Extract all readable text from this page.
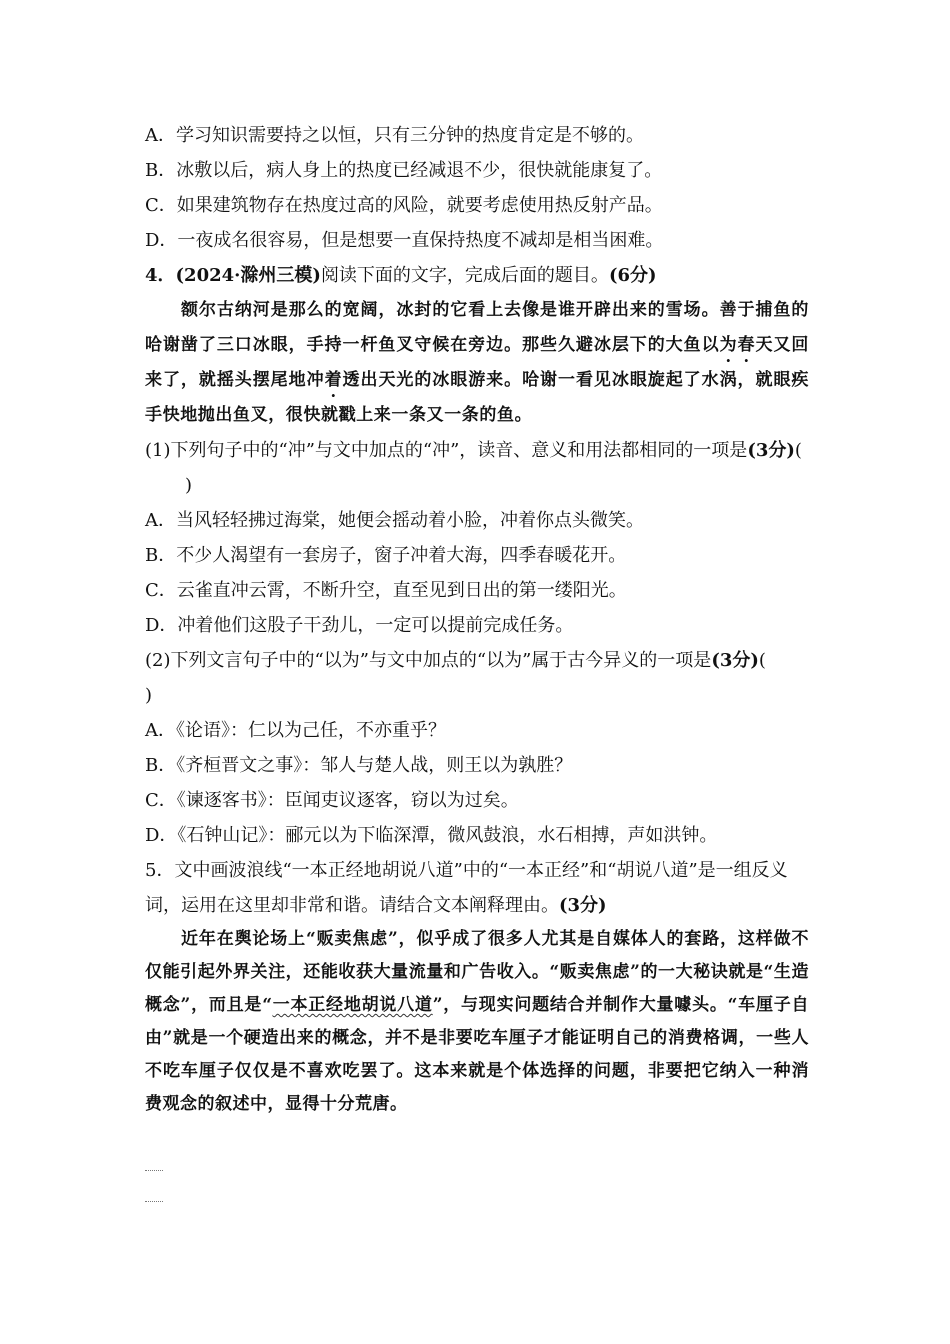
A．学习知识需要持之以恒，只有三分钟的热度肯定是不够的。

B．冰敷以后，病人身上的热度已经减退不少，很快就能康复了。

C．如果建筑物存在热度过高的风险，就要考虑使用热反射产品。

D．一夜成名很容易，但是想要一直保持热度不减却是相当困难。

4．(2024·滁州三模)阅读下面的文字，完成后面的题目。(6分)

额尔古纳河是那么的宽阔，冰封的它看上去像是谁开辟出来的雪场。善于捕鱼的哈谢凿了三口冰眼，手持一杆鱼叉守候在旁边。那些久避冰层下的大鱼以为春天又回来了，就摇头摆尾地冲着透出天光的冰眼游来。哈谢一看见冰眼旋起了水涡，就眼疾手快地抛出鱼叉，很快就戳上来一条又一条的鱼。

(1)下列句子中的“冲”与文中加点的“冲”，读音、意义和用法都相同的一项是(3分)()

A．当风轻轻拂过海棠，她便会摇动着小脸，冲着你点头微笑。

B．不少人渴望有一套房子，窗子冲着大海，四季春暖花开。

C．云雀直冲云霄，不断升空，直至见到日出的第一缕阳光。

D．冲着他们这股子干劲儿，一定可以提前完成任务。

(2)下列文言句子中的“以为”与文中加点的“以为”属于古今异义的一项是(3分)()

A．《论语》：仁以为己任，不亦重乎？

B．《齐桓晋文之事》：邹人与楚人战，则王以为孰胜？

C．《谏逐客书》：臣闻吏议逐客，窃以为过矣。

D．《石钟山记》：郦元以为下临深潭，微风鼓浪，水石相搏，声如洪钟。

5．文中画波浪线“一本正经地胡说八道”中的“一本正经”和“胡说八道”是一组反义词，运用在这里却非常和谐。请结合文本阐释理由。(3分)

近年在舆论场上“贩卖焦虑”，似乎成了很多人尤其是自媒体人的套路，这样做不仅能引起外界关注，还能收获大量流量和广告收入。“贩卖焦虑”的一大秘诀就是“生造概念”，而且是“一本正经地胡说八道”，与现实问题结合并制作大量噱头。“车厘子自由”就是一个硬造出来的概念，并不是非要吃车厘子才能证明自己的消费格调，一些人不吃车厘子仅仅是不喜欢吃罢了。这本来就是个体选择的问题，非要把它纳入一种消费观念的叙述中，显得十分荒唐。
